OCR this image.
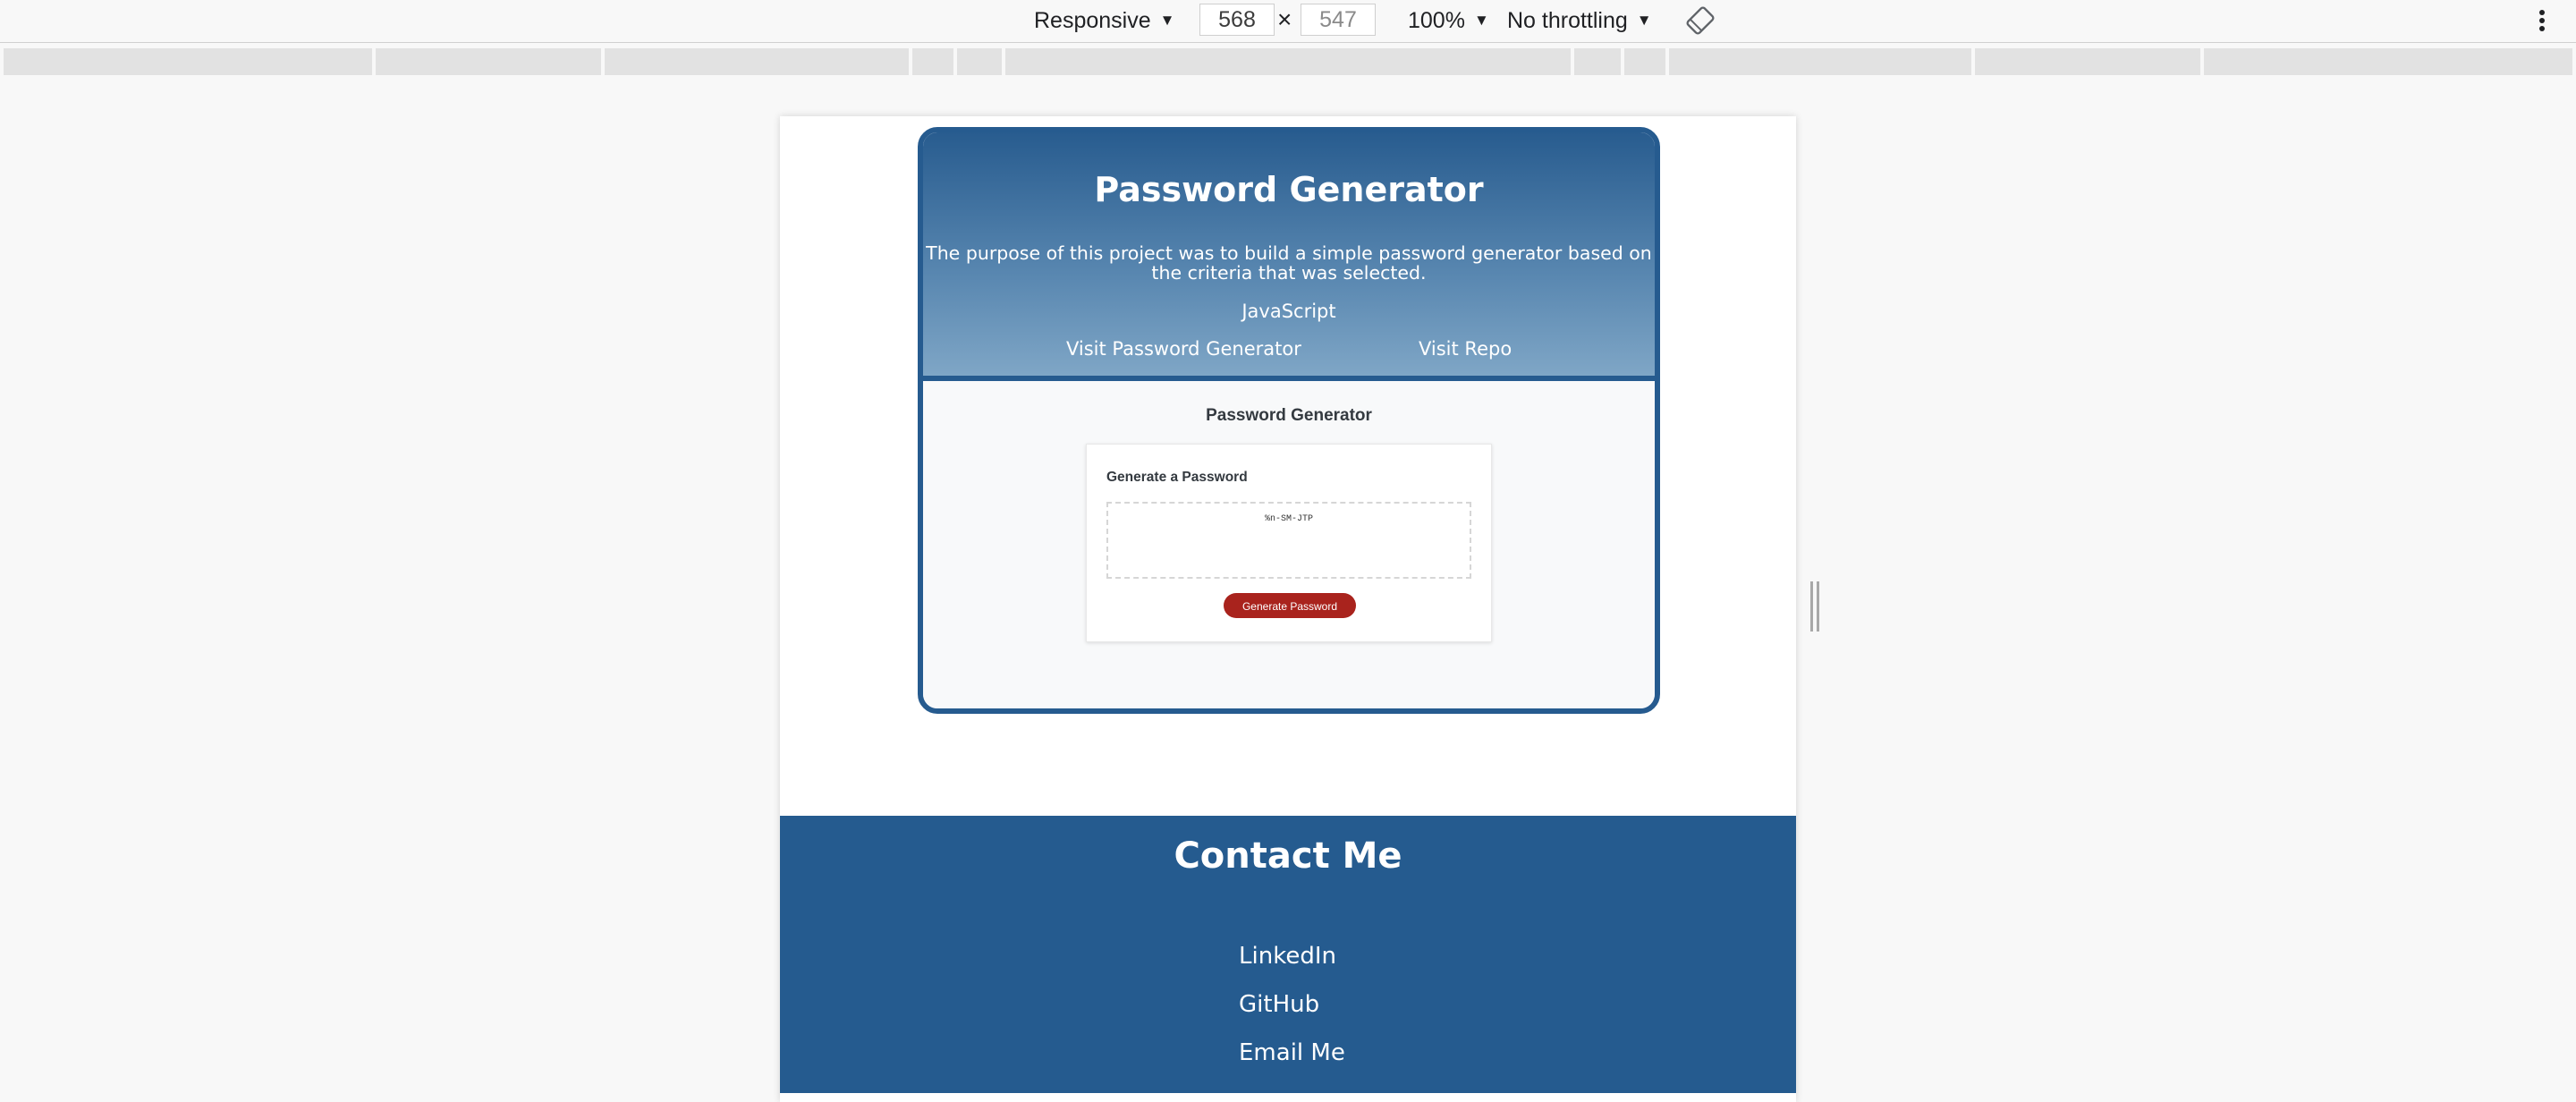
Responsive ▼
568	×
547	100% ▼ No throttling ▼
Password Generator
The purpose of this project was to build a simple password generator based on the criteria that was selected.
JavaScript
Visit Password Generator	Visit Repo
Password Generator
Generate a Password
%n-SM-JTP
Generate Password
Contact Me
LinkedIn
GitHub
Email Me
